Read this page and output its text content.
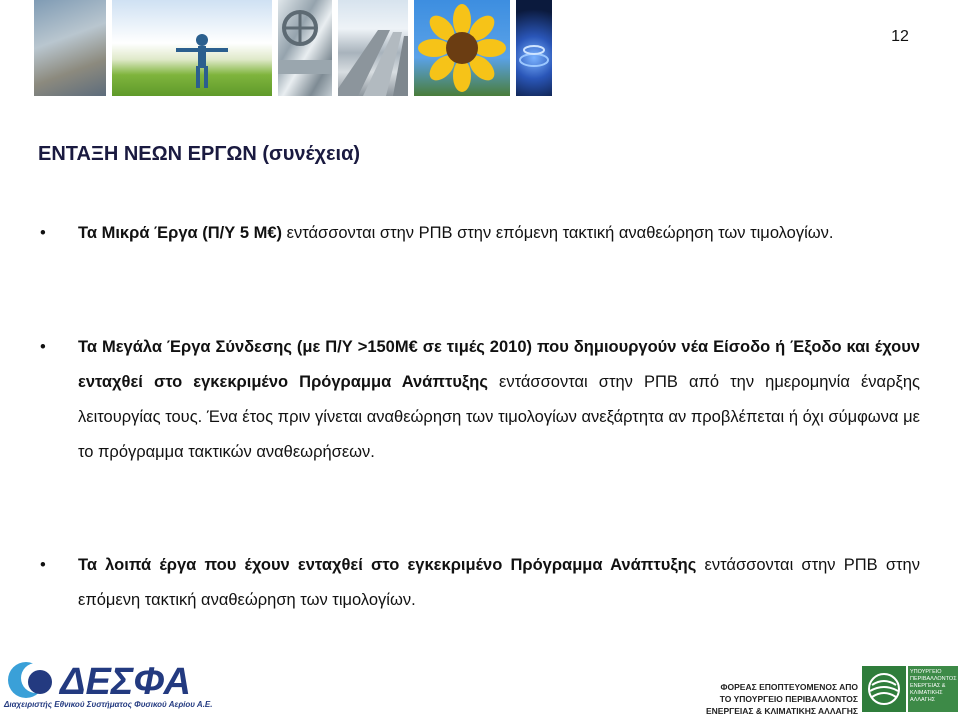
12
ΕΝΤΑΞΗ ΝΕΩΝ ΕΡΓΩΝ (συνέχεια)
• Τα Μικρά Έργα (Π/Υ 5 Μ€) εντάσσονται στην ΡΠΒ στην επόμενη τακτική αναθεώρηση των τιμολογίων.
• Τα Μεγάλα Έργα Σύνδεσης (με Π/Υ >150Μ€ σε τιμές 2010) που δημιουργούν νέα Είσοδο ή Έξοδο και έχουν ενταχθεί στο εγκεκριμένο Πρόγραμμα Ανάπτυξης εντάσσονται στην ΡΠΒ από την ημερομηνία έναρξης λειτουργίας τους. Ένα έτος πριν γίνεται αναθεώρηση των τιμολογίων ανεξάρτητα αν προβλέπεται ή όχι σύμφωνα με το πρόγραμμα τακτικών αναθεωρήσεων.
• Τα λοιπά έργα που έχουν ενταχθεί στο εγκεκριμένο Πρόγραμμα Ανάπτυξης εντάσσονται στην ΡΠΒ στην επόμενη τακτική αναθεώρηση των τιμολογίων.
ΔΕΣΦΑ
Διαχειριστής Εθνικού Συστήματος Φυσικού Αερίου Α.Ε.
ΦΟΡΕΑΣ ΕΠΟΠΤΕΥΟΜΕΝΟΣ ΑΠΟ
ΤΟ ΥΠΟΥΡΓΕΙΟ ΠΕΡΙΒΑΛΛΟΝΤΟΣ
ΕΝΕΡΓΕΙΑΣ & ΚΛΙΜΑΤΙΚΗΣ ΑΛΛΑΓΗΣ
ΥΠΟΥΡΓΕΙΟ
ΠΕΡΙΒΑΛΛΟΝΤΟΣ
ΕΝΕΡΓΕΙΑΣ &
ΚΛΙΜΑΤΙΚΗΣ
ΑΛΛΑΓΗΣ
